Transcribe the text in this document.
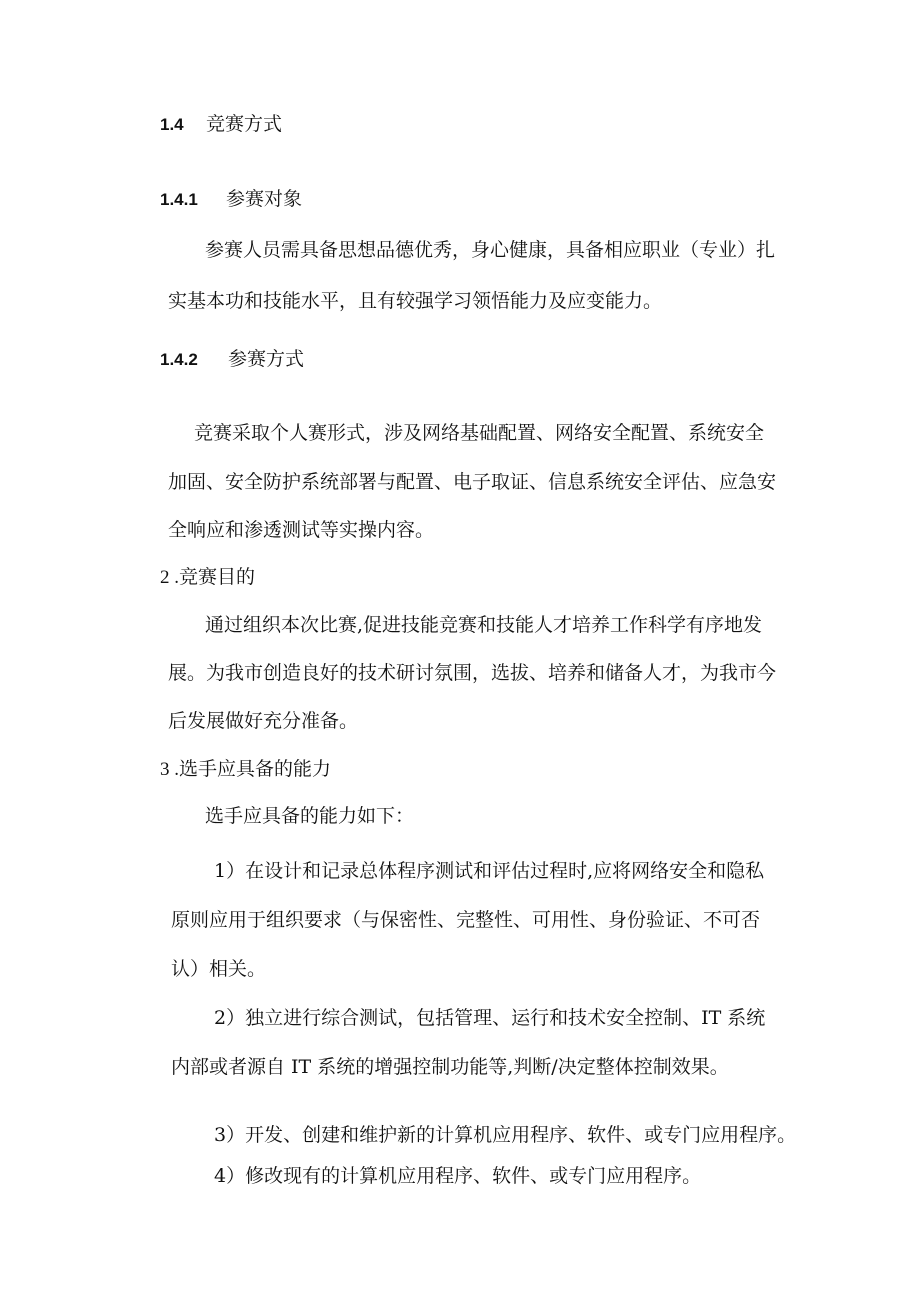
1.4 竞赛方式
1.4.1 参赛对象
参赛人员需具备思想品德优秀，身心健康，具备相应职业（专业）扎
实基本功和技能水平，且有较强学习领悟能力及应变能力。
1.4.2 参赛方式
竞赛采取个人赛形式，涉及网络基础配置、网络安全配置、系统安全
加固、安全防护系统部署与配置、电子取证、信息系统安全评估、应急安
全响应和渗透测试等实操内容。
2 .竞赛目的
通过组织本次比赛,促进技能竞赛和技能人才培养工作科学有序地发
展。为我市创造良好的技术研讨氛围，选拔、培养和储备人才，为我市今
后发展做好充分准备。
3 .选手应具备的能力
选手应具备的能力如下：
1）在设计和记录总体程序测试和评估过程时,应将网络安全和隐私
原则应用于组织要求（与保密性、完整性、可用性、身份验证、不可否
认）相关。
2）独立进行综合测试，包括管理、运行和技术安全控制、IT 系统
内部或者源自 IT 系统的增强控制功能等,判断/决定整体控制效果。
3）开发、创建和维护新的计算机应用程序、软件、或专门应用程序。
4）修改现有的计算机应用程序、软件、或专门应用程序。
